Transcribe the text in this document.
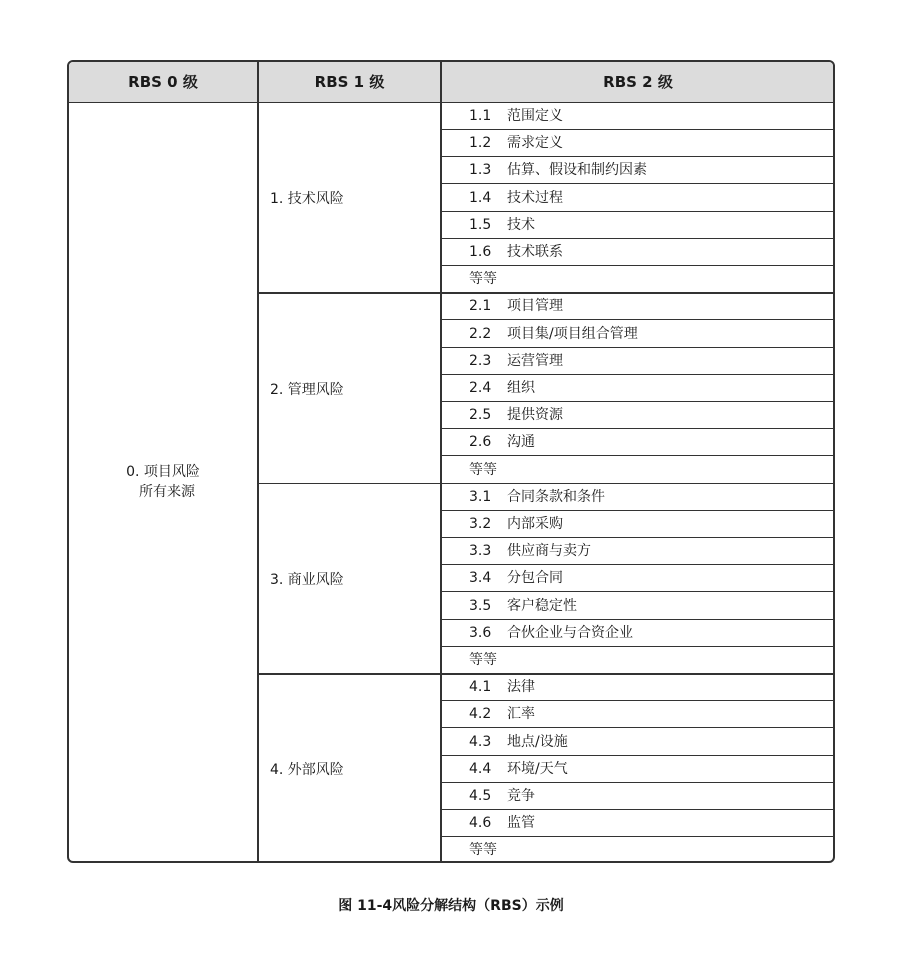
RBS 0 级	RBS 1 级	RBS 2 级
0. 项目风险
所有来源
1. 技术风险
1.1 范围定义
1.2 需求定义
1.3 估算、假设和制约因素
1.4 技术过程
1.5 技术
1.6 技术联系
等等
2. 管理风险
2.1 项目管理
2.2 项目集/项目组合管理
2.3 运营管理
2.4 组织
2.5 提供资源
2.6 沟通
等等
3. 商业风险
3.1 合同条款和条件
3.2 内部采购
3.3 供应商与卖方
3.4 分包合同
3.5 客户稳定性
3.6 合伙企业与合资企业
等等
4. 外部风险
4.1 法律
4.2 汇率
4.3 地点/设施
4.4 环境/天气
4.5 竞争
4.6 监管
等等
图 11-4风险分解结构（RBS）示例
